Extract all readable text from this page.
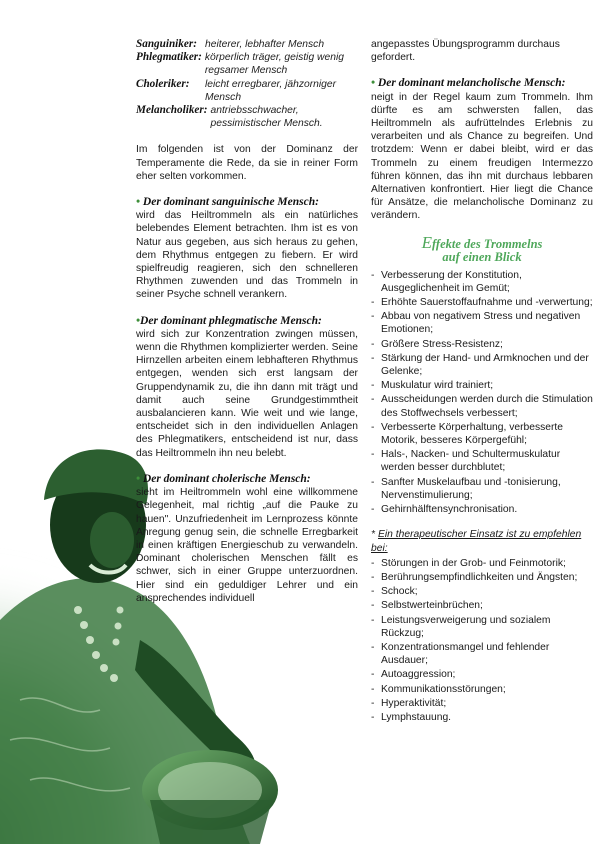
Sanguiniker: heiterer, lebhafter Mensch
Phlegmatiker: körperlich träger, geistig wenig regsamer Mensch
Choleriker:	leicht erregbarer, jähzorniger Mensch
Melancholiker: antriebsschwacher, pessimistischer Mensch.

Im folgenden ist von der Dominanz der Temperamente die Rede, da sie in reiner Form eher selten vorkommen.

• Der dominant sanguinische Mensch:
wird das Heiltrommeln als ein natürliches belebendes Element betrachten. Ihm ist es von Natur aus gegeben, aus sich heraus zu gehen, dem Rhythmus entgegen zu fiebern. Er wird spielfreudig reagieren, sich den schnelleren Rhythmen zuwenden und das Trommeln in seiner Psyche schnell verankern.

•Der dominant phlegmatische Mensch:
wird sich zur Konzentration zwingen müssen, wenn die Rhythmen komplizierter werden. Seine Hirnzellen arbeiten einem lebhafteren Rhythmus entgegen, wenden sich erst langsam der Gruppendynamik zu, die ihn dann mit trägt und damit auch seine Grundgestimmtheit ausbalancieren kann. Wie weit und wie lange, entscheidet sich in den individuellen Anlagen des Phlegmatikers, entscheidend ist nur, dass das Heiltrommeln ihn neu belebt.

• Der dominant cholerische Mensch:
sieht im Heiltrommeln wohl eine willkommene Gelegenheit, mal richtig „auf die Pauke zu hauen". Unzufriedenheit im Lernprozess könnte Anregung genug sein, die schnelle Erregbarkeit in einen kräftigen Energieschub zu verwandeln. Dominant cholerischen Menschen fällt es schwer, sich in einer Gruppe unterzuordnen. Hier sind ein geduldiger Lehrer und ein ansprechendes individuell

angepasstes Übungsprogramm durchaus gefordert.

• Der dominant melancholische Mensch:
neigt in der Regel kaum zum Trommeln. Ihm dürfte es am schwersten fallen, das Heiltrommeln als aufrüttelndes Erlebnis zu verarbeiten und als Chance zu begreifen. Und trotzdem: Wenn er dabei bleibt, wird er das Trommeln zu einem freudigen Intermezzo führen können, das ihn mit durchaus lebbaren Alternativen konfrontiert. Hier liegt die Chance für Ansätze, die melancholische Dominanz zu verändern.

Effekte des Trommelns
auf einen Blick
- Verbesserung der Konstitution, Ausgeglichenheit im Gemüt;
- Erhöhte Sauerstoffaufnahme und -verwertung;
- Abbau von negativem Stress und negativen Emotionen;
- Größere Stress-Resistenz;
- Stärkung der Hand- und Armknochen und der Gelenke;
- Muskulatur wird trainiert;
- Ausscheidungen werden durch die Stimulation des Stoffwechsels verbessert;
- Verbesserte Körperhaltung, verbesserte Motorik, besseres Körpergefühl;
- Hals-, Nacken- und Schultermuskulatur werden besser durchblutet;
- Sanfter Muskelaufbau und -tonisierung, Nervenstimulierung;
- Gehirnhälftensynchronisation.
* Ein therapeutischer Einsatz ist zu empfehlen bei:
- Störungen in der Grob- und Feinmotorik;
- Berührungsempfindlichkeiten und Ängsten;
- Schock;
- Selbstwerteinbrüchen;
- Leistungsverweigerung und sozialem Rückzug;
- Konzentrationsmangel und fehlender Ausdauer;
- Autoaggression;
- Kommunikationsstörungen;
- Hyperaktivität;
- Lymphstauung.
